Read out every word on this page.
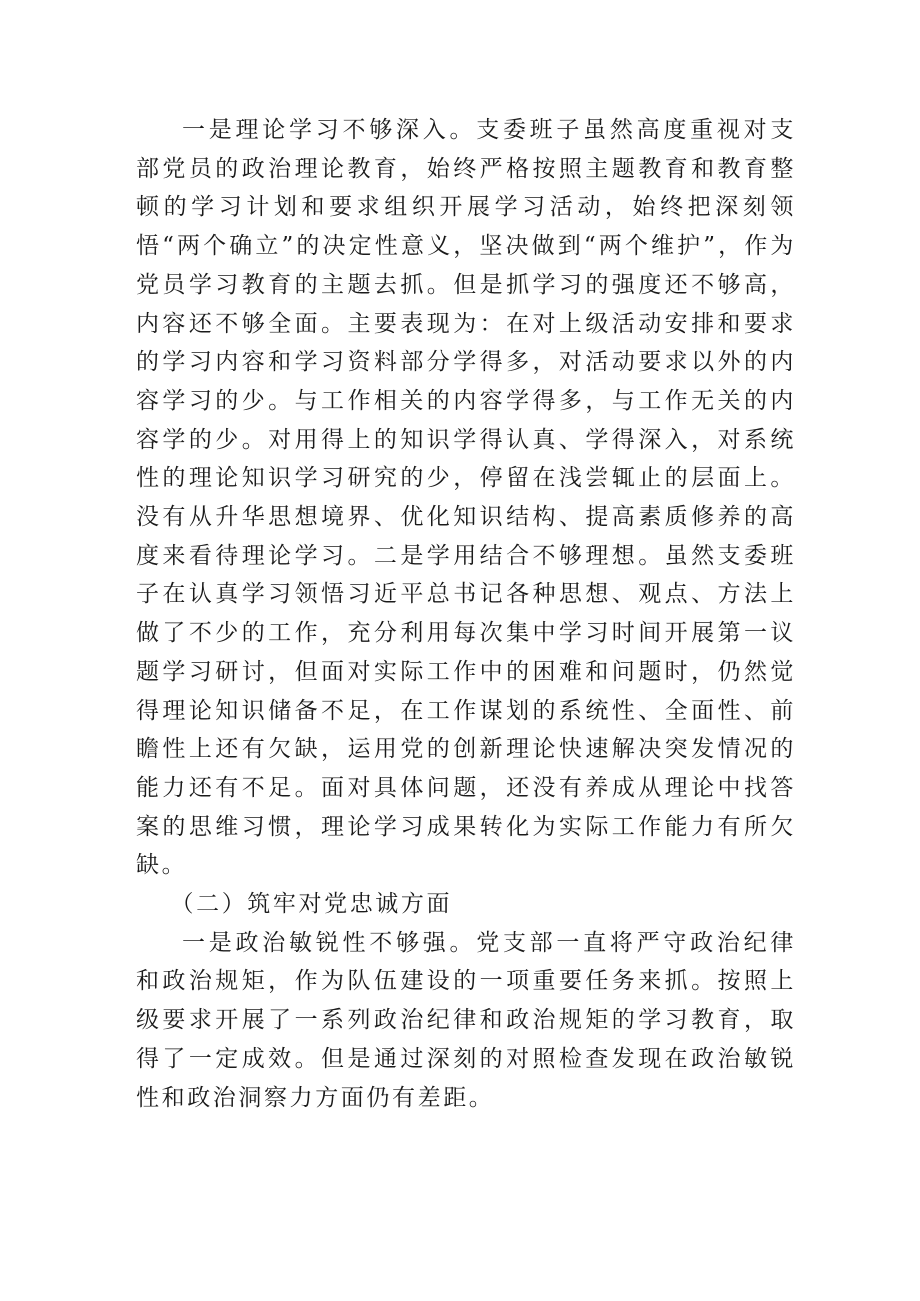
一是理论学习不够深入。支委班子虽然高度重视对支部党员的政治理论教育，始终严格按照主题教育和教育整顿的学习计划和要求组织开展学习活动，始终把深刻领悟“两个确立”的决定性意义，坚决做到“两个维护”，作为党员学习教育的主题去抓。但是抓学习的强度还不够高，内容还不够全面。主要表现为：在对上级活动安排和要求的学习内容和学习资料部分学得多，对活动要求以外的内容学习的少。与工作相关的内容学得多，与工作无关的内容学的少。对用得上的知识学得认真、学得深入，对系统性的理论知识学习研究的少，停留在浅尝辄止的层面上。没有从升华思想境界、优化知识结构、提高素质修养的高度来看待理论学习。二是学用结合不够理想。虽然支委班子在认真学习领悟习近平总书记各种思想、观点、方法上做了不少的工作，充分利用每次集中学习时间开展第一议题学习研讨，但面对实际工作中的困难和问题时，仍然觉得理论知识储备不足，在工作谋划的系统性、全面性、前瞻性上还有欠缺，运用党的创新理论快速解决突发情况的能力还有不足。面对具体问题，还没有养成从理论中找答案的思维习惯，理论学习成果转化为实际工作能力有所欠缺。

（二）筑牢对党忠诚方面

一是政治敏锐性不够强。党支部一直将严守政治纪律和政治规矩，作为队伍建设的一项重要任务来抓。按照上级要求开展了一系列政治纪律和政治规矩的学习教育，取得了一定成效。但是通过深刻的对照检查发现在政治敏锐性和政治洞察力方面仍有差距。
